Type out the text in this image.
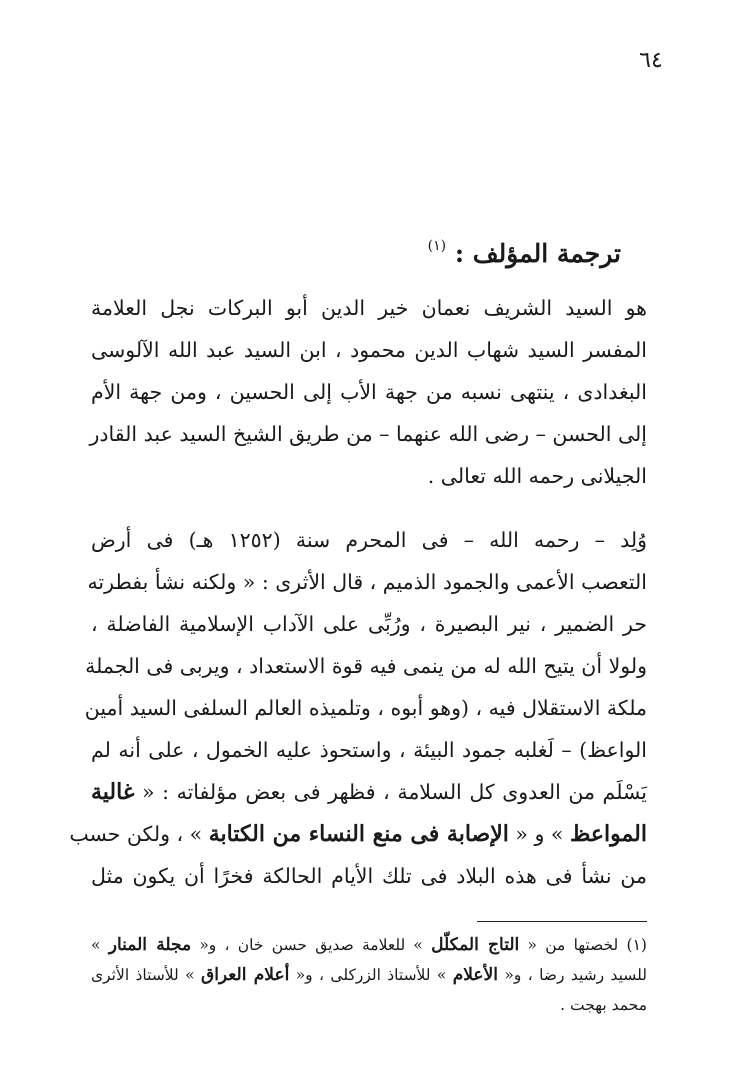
٦٤
ترجمة المؤلف : $^{(١)}$
هو السيد الشريف نعمان خير الدين أبو البركات نجل العلامة
المفسر السيد شهاب الدين محمود ، ابن السيد عبد الله الآلوسى
البغدادى ، ينتهى نسبه من جهة الأب إلى الحسين ، ومن جهة الأم
إلى الحسن – رضى الله عنهما – من طريق الشيخ السيد عبد القادر
الجيلانى رحمه الله تعالى .
وُلِد – رحمه الله – فى المحرم سنة (١٢٥٢ هـ) فى أرض
التعصب الأعمى والجمود الذميم ، قال الأثرى : « ولكنه نشأ بفطرته
حر الضمير ، نير البصيرة ، ورُبِّى على الآداب الإسلامية الفاضلة ،
ولولا أن يتيح الله له من ينمى فيه قوة الاستعداد ، ويربى فى الجملة
ملكة الاستقلال فيه ، (وهو أبوه ، وتلميذه العالم السلفى السيد أمين
الواعظ) – لَغلبه جمود البيئة ، واستحوذ عليه الخمول ، على أنه لم
يَسْلَم من العدوى كل السلامة ، فظهر فى بعض مؤلفاته : « غالية
المواعظ » و « الإصابة فى منع النساء من الكتابة » ، ولكن حسب
من نشأ فى هذه البلاد فى تلك الأيام الحالكة فخرًا أن يكون مثل
(١) لخصتها من « التاج المكلّل » للعلامة صديق حسن خان ، و« مجلة المنار »
للسيد رشيد رضا ، و« الأعلام » للأستاذ الزركلى ، و« أعلام العراق » للأستاذ الأثرى
محمد بهجت .
